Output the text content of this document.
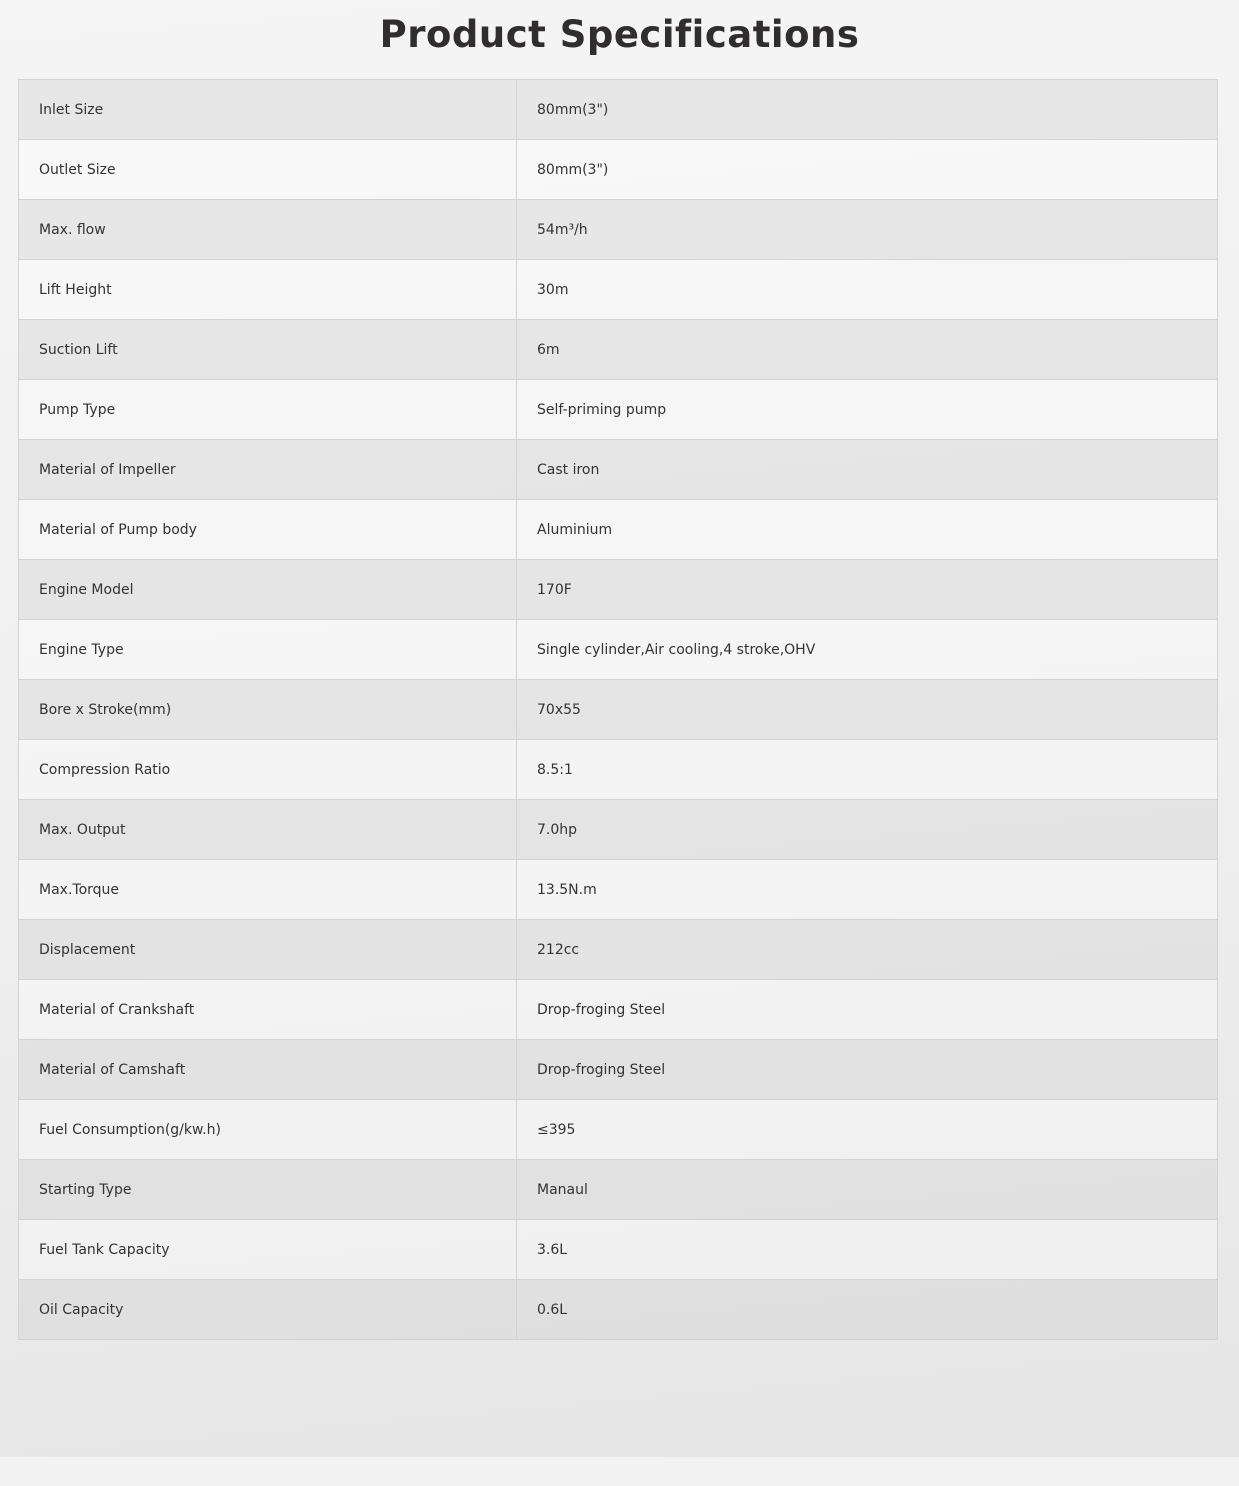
Product Specifications
Inlet Size	80mm(3")
Outlet Size	80mm(3")
Max. flow	54m³/h
Lift Height	30m
Suction Lift	6m
Pump Type	Self-priming pump
Material of Impeller	Cast iron
Material of Pump body	Aluminium
Engine Model	170F
Engine Type	Single cylinder,Air cooling,4 stroke,OHV
Bore x Stroke(mm)	70x55
Compression Ratio	8.5:1
Max. Output	7.0hp
Max.Torque	13.5N.m
Displacement	212cc
Material of Crankshaft	Drop-froging Steel
Material of Camshaft	Drop-froging Steel
Fuel Consumption(g/kw.h)	≤395
Starting Type	Manaul
Fuel Tank Capacity	3.6L
Oil Capacity	0.6L
